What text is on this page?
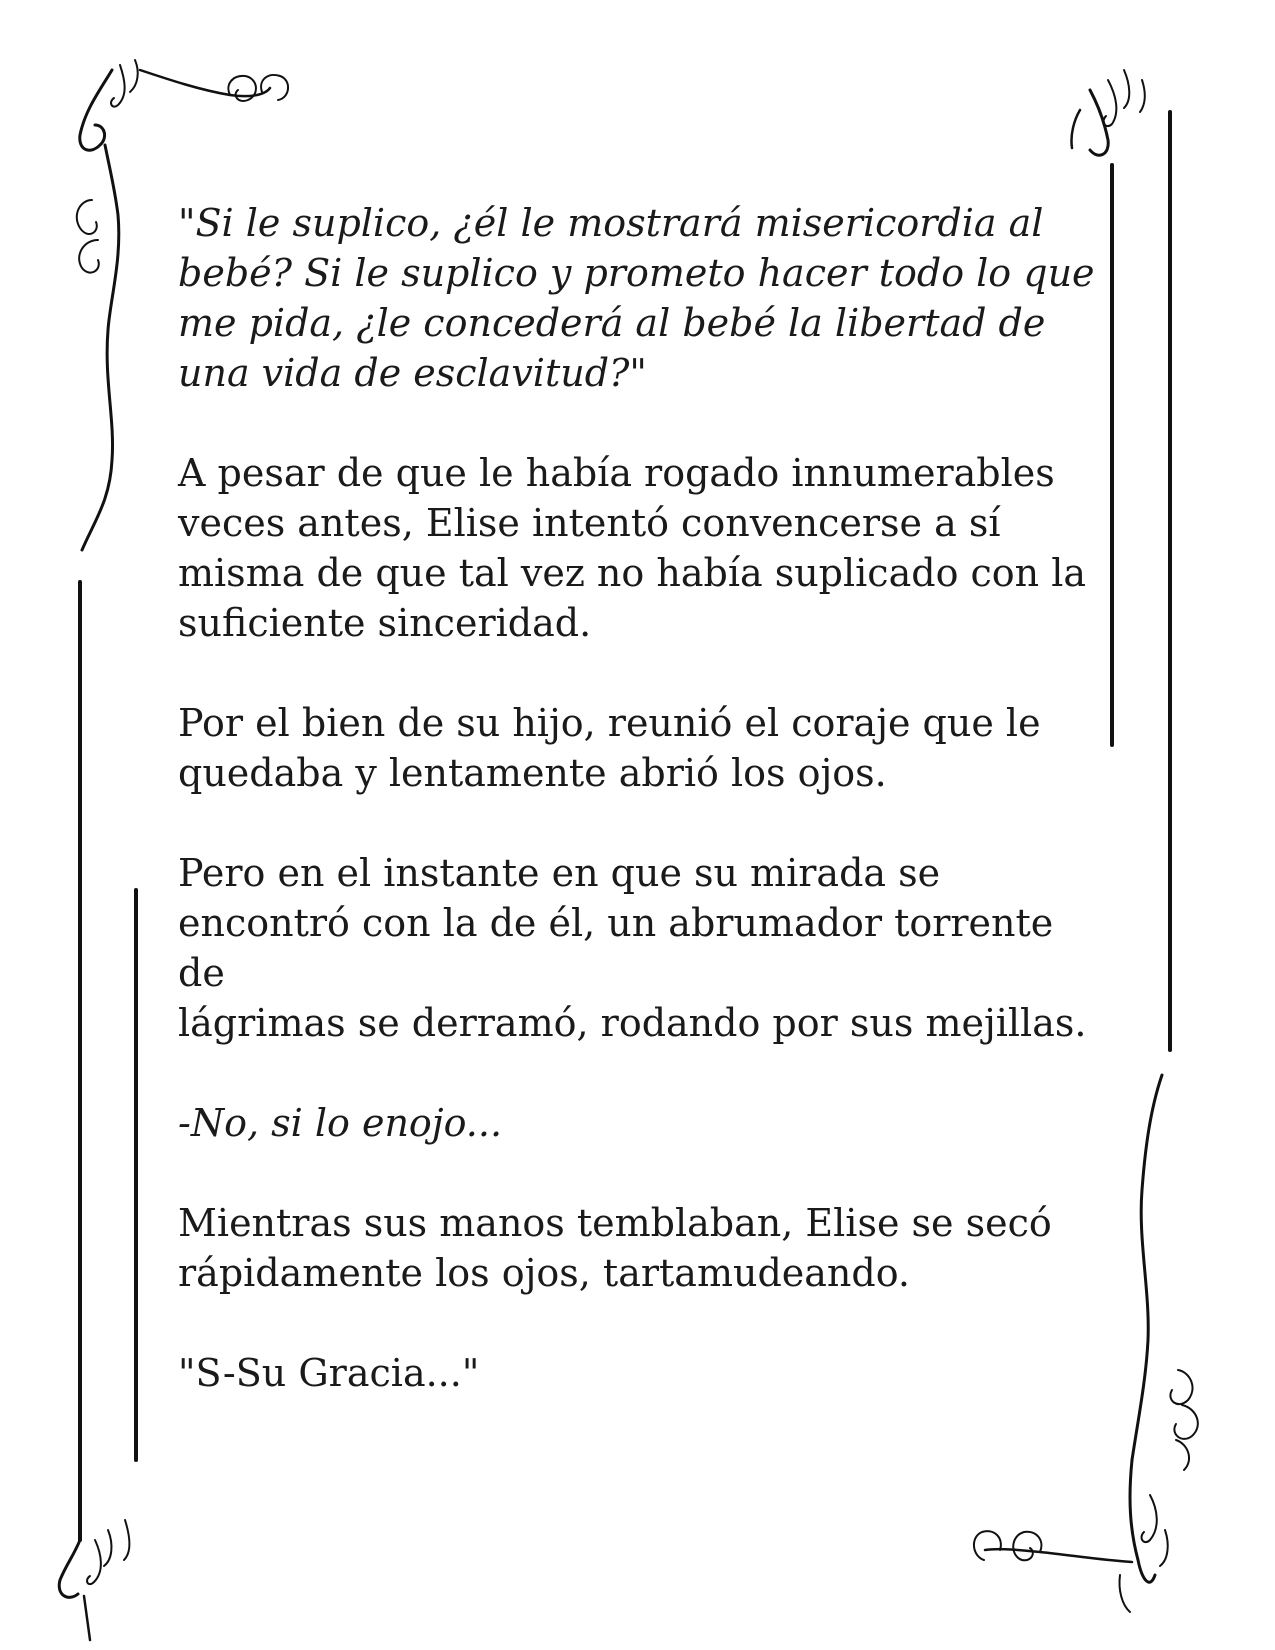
"Si le suplico, ¿él le mostrará misericordia al
bebé? Si le suplico y prometo hacer todo lo que
me pida, ¿le concederá al bebé la libertad de
una vida de esclavitud?"

A pesar de que le había rogado innumerables
veces antes, Elise intentó convencerse a sí
misma de que tal vez no había suplicado con la
suficiente sinceridad.

Por el bien de su hijo, reunió el coraje que le
quedaba y lentamente abrió los ojos.

Pero en el instante en que su mirada se
encontró con la de él, un abrumador torrente de
lágrimas se derramó, rodando por sus mejillas.

-No, si lo enojo...

Mientras sus manos temblaban, Elise se secó
rápidamente los ojos, tartamudeando.

"S-Su Gracia..."
